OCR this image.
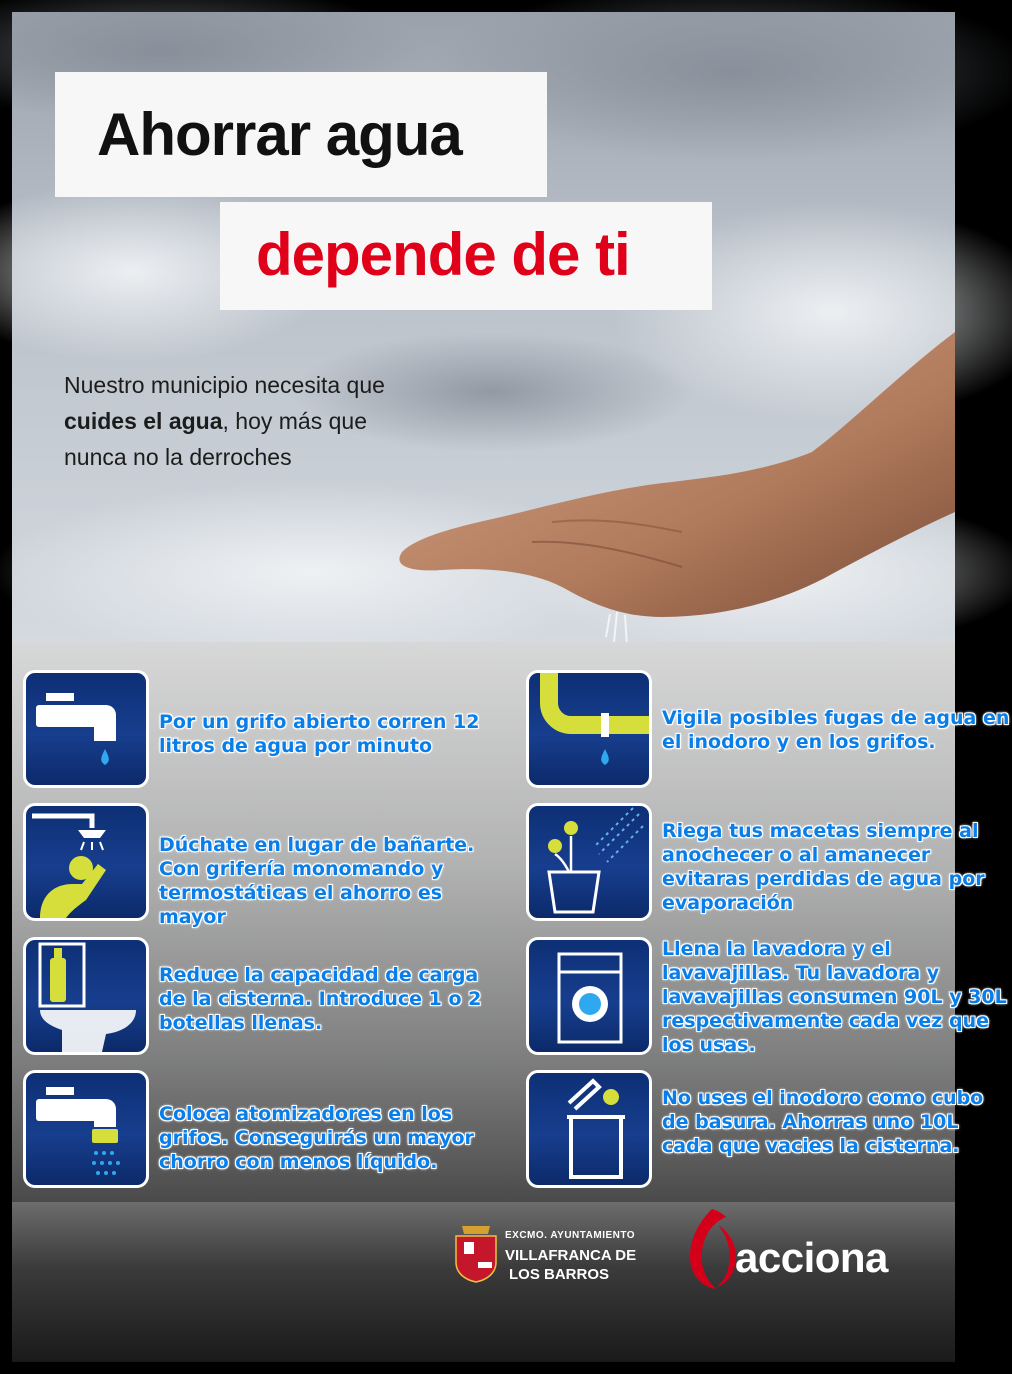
Ahorrar agua
depende de ti
Nuestro municipio necesita que cuides el agua, hoy más que nunca no la derroches
Por un grifo abierto corren 12 litros de agua por minuto
Vigila posibles fugas de agua en el inodoro y en los grifos.
Dúchate en lugar de bañarte. Con grifería monomando y termostáticas el ahorro es mayor
Riega tus macetas siempre al anochecer o al amanecer evitaras perdidas de agua por evaporación
Reduce la capacidad de carga de la cisterna. Introduce 1 o 2 botellas llenas.
Llena la lavadora y el lavavajillas. Tu lavadora y lavavajillas consumen 90L y 30L respectivamente cada vez que los usas.
Coloca atomizadores en los grifos. Conseguirás un mayor chorro con menos líquido.
No uses el inodoro como cubo de basura. Ahorras uno 10L cada que vacies la cisterna.
EXCMO. AYUNTAMIENTO
VILLAFRANCA DE
LOS BARROS	acciona
